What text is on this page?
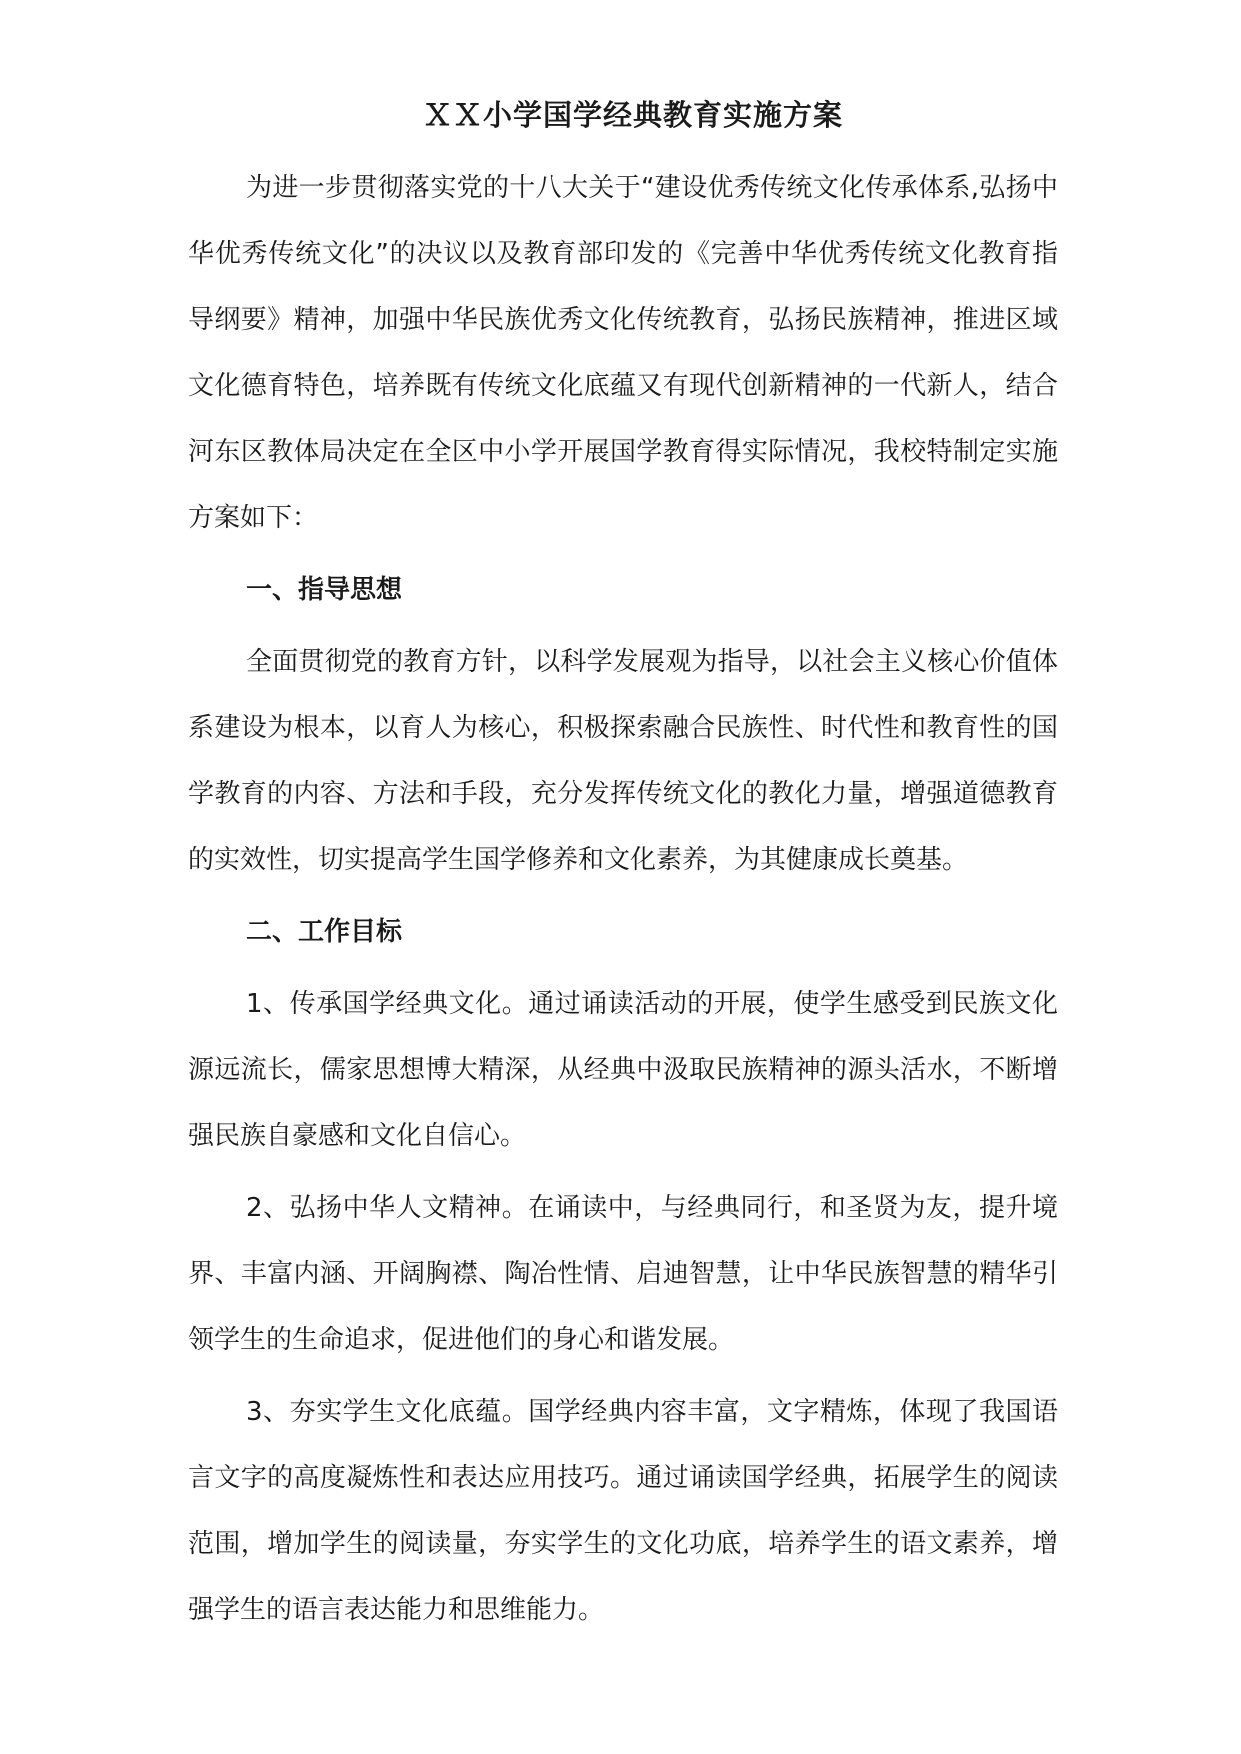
ＸＸ小学国学经典教育实施方案

为进一步贯彻落实党的十八大关于“建设优秀传统文化传承体系,弘扬中华优秀传统文化”的决议以及教育部印发的《完善中华优秀传统文化教育指导纲要》精神，加强中华民族优秀文化传统教育，弘扬民族精神，推进区域文化德育特色，培养既有传统文化底蕴又有现代创新精神的一代新人，结合河东区教体局决定在全区中小学开展国学教育得实际情况，我校特制定实施方案如下：

一、指导思想

全面贯彻党的教育方针，以科学发展观为指导，以社会主义核心价值体系建设为根本，以育人为核心，积极探索融合民族性、时代性和教育性的国学教育的内容、方法和手段，充分发挥传统文化的教化力量，增强道德教育的实效性，切实提高学生国学修养和文化素养，为其健康成长奠基。

二、工作目标

1、传承国学经典文化。通过诵读活动的开展，使学生感受到民族文化源远流长，儒家思想博大精深，从经典中汲取民族精神的源头活水，不断增强民族自豪感和文化自信心。

2、弘扬中华人文精神。在诵读中，与经典同行，和圣贤为友，提升境界、丰富内涵、开阔胸襟、陶冶性情、启迪智慧，让中华民族智慧的精华引领学生的生命追求，促进他们的身心和谐发展。

3、夯实学生文化底蕴。国学经典内容丰富，文字精炼，体现了我国语言文字的高度凝炼性和表达应用技巧。通过诵读国学经典，拓展学生的阅读范围，增加学生的阅读量，夯实学生的文化功底，培养学生的语文素养，增强学生的语言表达能力和思维能力。
